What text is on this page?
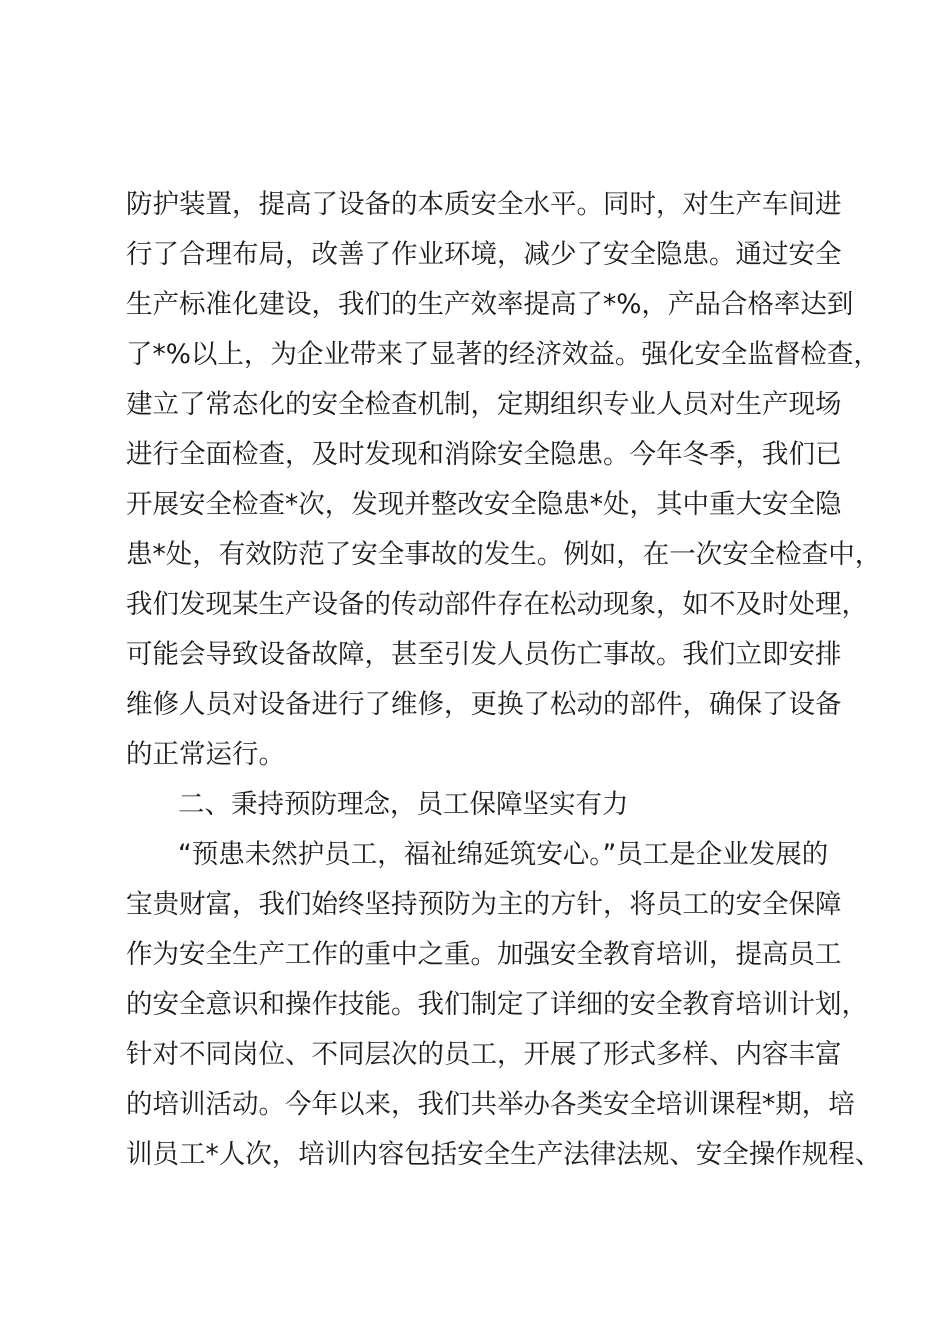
防护装置，提高了设备的本质安全水平。同时，对生产车间进
行了合理布局，改善了作业环境，减少了安全隐患。通过安全
生产标准化建设，我们的生产效率提高了*%，产品合格率达到
了*%以上，为企业带来了显著的经济效益。强化安全监督检查，
建立了常态化的安全检查机制，定期组织专业人员对生产现场
进行全面检查，及时发现和消除安全隐患。今年冬季，我们已
开展安全检查*次，发现并整改安全隐患*处，其中重大安全隐
患*处，有效防范了安全事故的发生。例如，在一次安全检查中，
我们发现某生产设备的传动部件存在松动现象，如不及时处理，
可能会导致设备故障，甚至引发人员伤亡事故。我们立即安排
维修人员对设备进行了维修，更换了松动的部件，确保了设备
的正常运行。
二、秉持预防理念，员工保障坚实有力
“预患未然护员工，福祉绵延筑安心。”员工是企业发展的
宝贵财富，我们始终坚持预防为主的方针，将员工的安全保障
作为安全生产工作的重中之重。加强安全教育培训，提高员工
的安全意识和操作技能。我们制定了详细的安全教育培训计划，
针对不同岗位、不同层次的员工，开展了形式多样、内容丰富
的培训活动。今年以来，我们共举办各类安全培训课程*期，培
训员工*人次，培训内容包括安全生产法律法规、安全操作规程、
